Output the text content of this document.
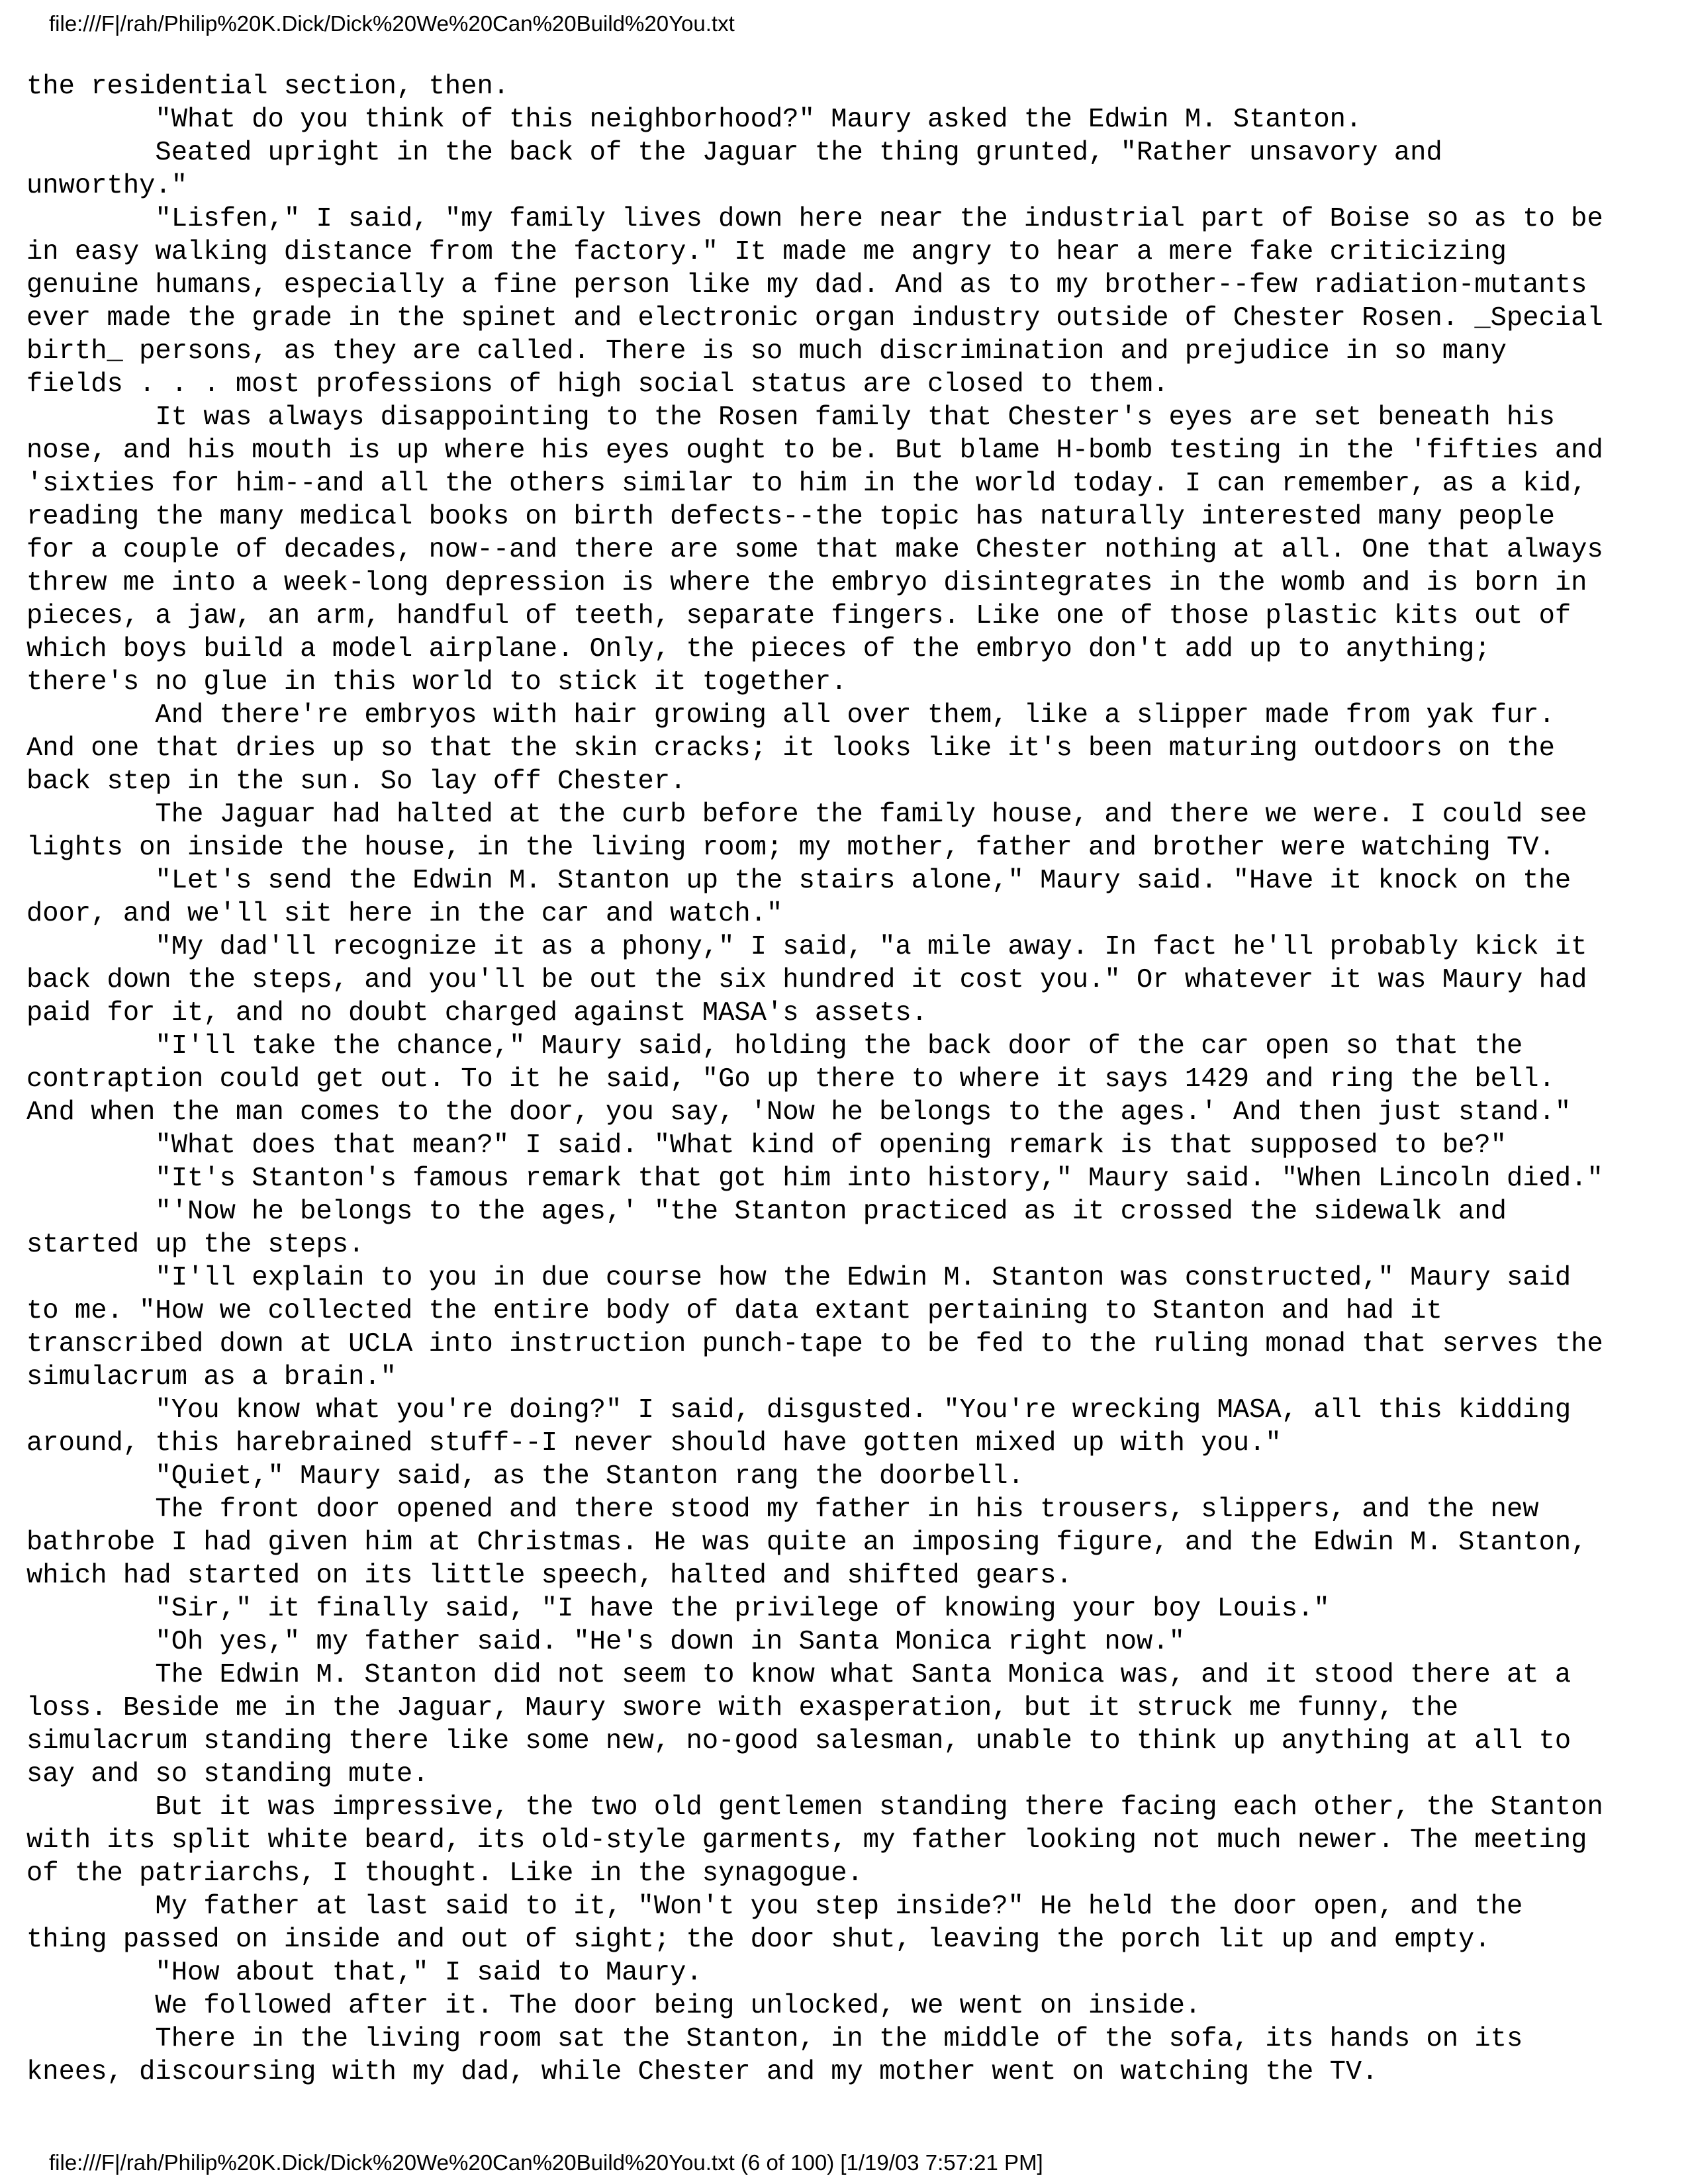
file:///F|/rah/Philip%20K.Dick/Dick%20We%20Can%20Build%20You.txt
the residential section, then.
"What do you think of this neighborhood?" Maury asked the Edwin M. Stanton.
Seated upright in the back of the Jaguar the thing grunted, "Rather unsavory and
unworthy."
"Lisfen," I said, "my family lives down here near the industrial part of Boise so as to be
in easy walking distance from the factory." It made me angry to hear a mere fake criticizing
genuine humans, especially a fine person like my dad. And as to my brother--few radiation-mutants
ever made the grade in the spinet and electronic organ industry outside of Chester Rosen. _Special
birth_ persons, as they are called. There is so much discrimination and prejudice in so many
fields . . . most professions of high social status are closed to them.
It was always disappointing to the Rosen family that Chester's eyes are set beneath his
nose, and his mouth is up where his eyes ought to be. But blame H-bomb testing in the 'fifties and
'sixties for him--and all the others similar to him in the world today. I can remember, as a kid,
reading the many medical books on birth defects--the topic has naturally interested many people
for a couple of decades, now--and there are some that make Chester nothing at all. One that always
threw me into a week-long depression is where the embryo disintegrates in the womb and is born in
pieces, a jaw, an arm, handful of teeth, separate fingers. Like one of those plastic kits out of
which boys build a model airplane. Only, the pieces of the embryo don't add up to anything;
there's no glue in this world to stick it together.
And there're embryos with hair growing all over them, like a slipper made from yak fur.
And one that dries up so that the skin cracks; it looks like it's been maturing outdoors on the
back step in the sun. So lay off Chester.
The Jaguar had halted at the curb before the family house, and there we were. I could see
lights on inside the house, in the living room; my mother, father and brother were watching TV.
"Let's send the Edwin M. Stanton up the stairs alone," Maury said. "Have it knock on the
door, and we'll sit here in the car and watch."
"My dad'll recognize it as a phony," I said, "a mile away. In fact he'll probably kick it
back down the steps, and you'll be out the six hundred it cost you." Or whatever it was Maury had
paid for it, and no doubt charged against MASA's assets.
"I'll take the chance," Maury said, holding the back door of the car open so that the
contraption could get out. To it he said, "Go up there to where it says 1429 and ring the bell.
And when the man comes to the door, you say, 'Now he belongs to the ages.' And then just stand."
"What does that mean?" I said. "What kind of opening remark is that supposed to be?"
"It's Stanton's famous remark that got him into history," Maury said. "When Lincoln died."
"'Now he belongs to the ages,' "the Stanton practiced as it crossed the sidewalk and
started up the steps.
"I'll explain to you in due course how the Edwin M. Stanton was constructed," Maury said
to me. "How we collected the entire body of data extant pertaining to Stanton and had it
transcribed down at UCLA into instruction punch-tape to be fed to the ruling monad that serves the
simulacrum as a brain."
"You know what you're doing?" I said, disgusted. "You're wrecking MASA, all this kidding
around, this harebrained stuff--I never should have gotten mixed up with you."
"Quiet," Maury said, as the Stanton rang the doorbell.
The front door opened and there stood my father in his trousers, slippers, and the new
bathrobe I had given him at Christmas. He was quite an imposing figure, and the Edwin M. Stanton,
which had started on its little speech, halted and shifted gears.
"Sir," it finally said, "I have the privilege of knowing your boy Louis."
"Oh yes," my father said. "He's down in Santa Monica right now."
The Edwin M. Stanton did not seem to know what Santa Monica was, and it stood there at a
loss. Beside me in the Jaguar, Maury swore with exasperation, but it struck me funny, the
simulacrum standing there like some new, no-good salesman, unable to think up anything at all to
say and so standing mute.
But it was impressive, the two old gentlemen standing there facing each other, the Stanton
with its split white beard, its old-style garments, my father looking not much newer. The meeting
of the patriarchs, I thought. Like in the synagogue.
My father at last said to it, "Won't you step inside?" He held the door open, and the
thing passed on inside and out of sight; the door shut, leaving the porch lit up and empty.
"How about that," I said to Maury.
We followed after it. The door being unlocked, we went on inside.
There in the living room sat the Stanton, in the middle of the sofa, its hands on its
knees, discoursing with my dad, while Chester and my mother went on watching the TV.
file:///F|/rah/Philip%20K.Dick/Dick%20We%20Can%20Build%20You.txt (6 of 100) [1/19/03 7:57:21 PM]
